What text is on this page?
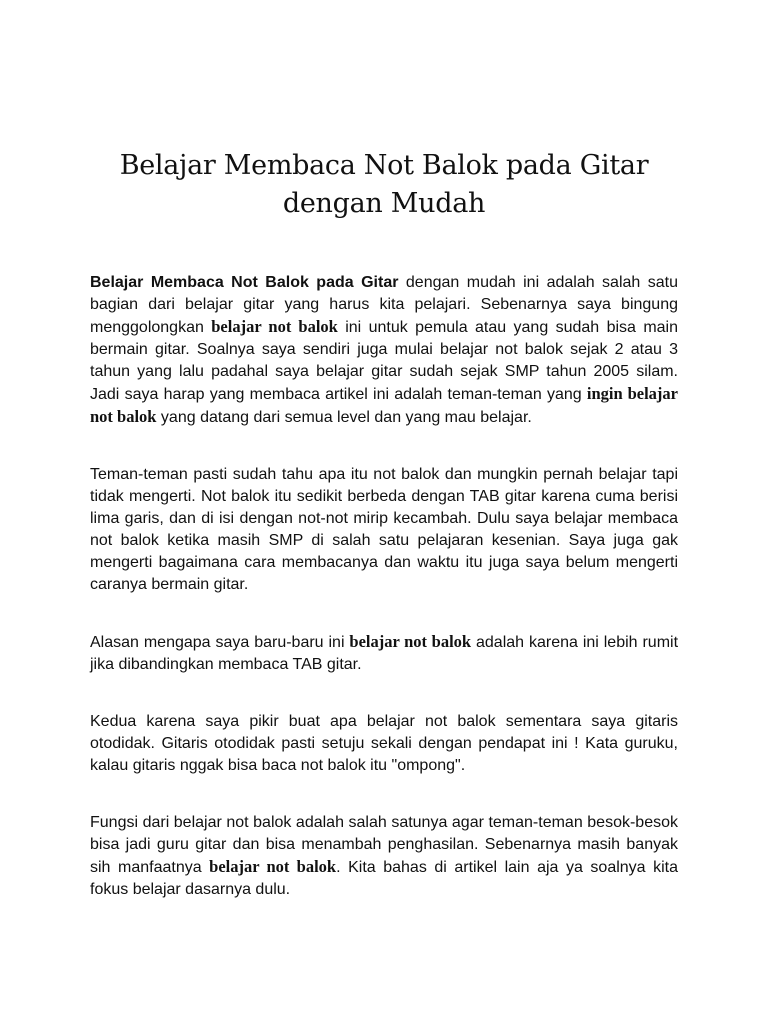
Belajar Membaca Not Balok pada Gitar
dengan Mudah

Belajar Membaca Not Balok pada Gitar dengan mudah ini adalah salah satu bagian dari belajar gitar yang harus kita pelajari. Sebenarnya saya bingung menggolongkan belajar not balok ini untuk pemula atau yang sudah bisa main bermain gitar. Soalnya saya sendiri juga mulai belajar not balok sejak 2 atau 3 tahun yang lalu padahal saya belajar gitar sudah sejak SMP tahun 2005 silam. Jadi saya harap yang membaca artikel ini adalah teman-teman yang ingin belajar not balok yang datang dari semua level dan yang mau belajar.

Teman-teman pasti sudah tahu apa itu not balok dan mungkin pernah belajar tapi tidak mengerti. Not balok itu sedikit berbeda dengan TAB gitar karena cuma berisi lima garis, dan di isi dengan not-not mirip kecambah. Dulu saya belajar membaca not balok ketika masih SMP di salah satu pelajaran kesenian. Saya juga gak mengerti bagaimana cara membacanya dan waktu itu juga saya belum mengerti caranya bermain gitar.

Alasan mengapa saya baru-baru ini belajar not balok adalah karena ini lebih rumit jika dibandingkan membaca TAB gitar.

Kedua karena saya pikir buat apa belajar not balok sementara saya gitaris otodidak. Gitaris otodidak pasti setuju sekali dengan pendapat ini ! Kata guruku, kalau gitaris nggak bisa baca not balok itu "ompong".

Fungsi dari belajar not balok adalah salah satunya agar teman-teman besok-besok bisa jadi guru gitar dan bisa menambah penghasilan. Sebenarnya masih banyak sih manfaatnya belajar not balok. Kita bahas di artikel lain aja ya soalnya kita fokus belajar dasarnya dulu.
